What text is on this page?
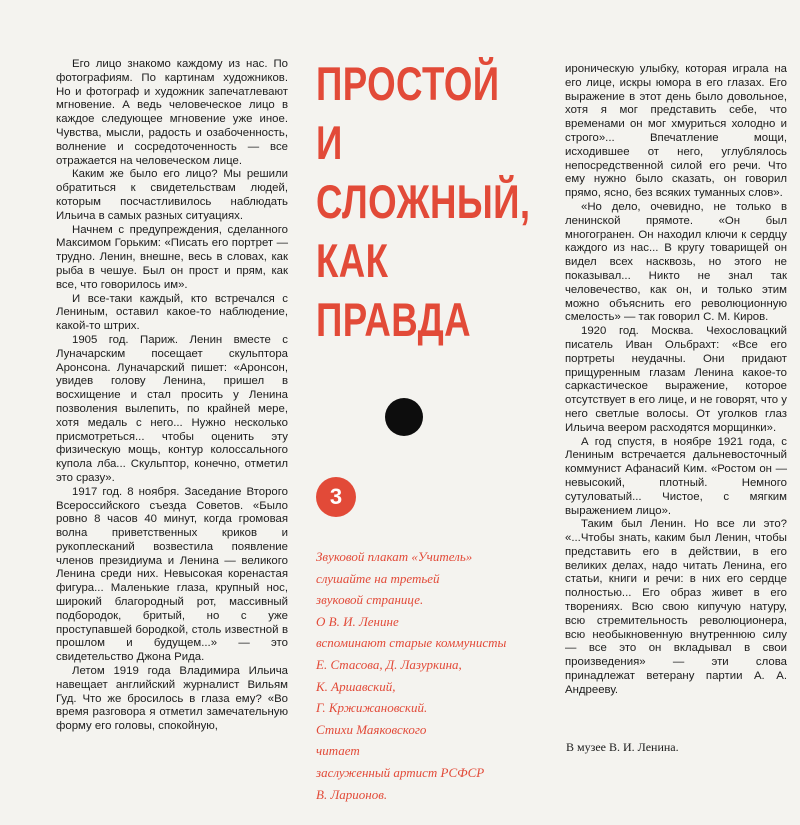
Его лицо знакомо каждому из нас. По фотографиям. По картинам художников. Но и фотограф и художник запечатлевают мгновение. А ведь человеческое лицо в каждое следующее мгновение уже иное. Чувства, мысли, радость и озабоченность, волнение и сосредоточенность — все отражается на человеческом лице.

Каким же было его лицо? Мы решили обратиться к свидетельствам людей, которым посчастливилось наблюдать Ильича в самых разных ситуациях.

Начнем с предупреждения, сделанного Максимом Горьким: «Писать его портрет — трудно. Ленин, внешне, весь в словах, как рыба в чешуе. Был он прост и прям, как все, что говорилось им».

И все-таки каждый, кто встречался с Лениным, оставил какое-то наблюдение, какой-то штрих.

1905 год. Париж. Ленин вместе с Луначарским посещает скульптора Аронсона. Луначарский пишет: «Аронсон, увидев голову Ленина, пришел в восхищение и стал просить у Ленина позволения вылепить, по крайней мере, хотя медаль с него... Нужно несколько присмотреться... чтобы оценить эту физическую мощь, контур колоссального купола лба... Скульптор, конечно, отметил это сразу».

1917 год. 8 ноября. Заседание Второго Всероссийского съезда Советов. «Было ровно 8 часов 40 минут, когда громовая волна приветственных криков и рукоплесканий возвестила появление членов президиума и Ленина — великого Ленина среди них. Невысокая коренастая фигура... Маленькие глаза, крупный нос, широкий благородный рот, массивный подбородок, бритый, но с уже проступавшей бородкой, столь известной в прошлом и будущем...» — это свидетельство Джона Рида.

Летом 1919 года Владимира Ильича навещает английский журналист Вильям Гуд. Что же бросилось в глаза ему? «Во время разговора я отметил замечательную форму его головы, спокойную,

ПРОСТОЙ
И
СЛОЖНЫЙ,
КАК
ПРАВДА
3

Звуковой плакат «Учитель»
слушайте на третьей
звуковой странице.
О В. И. Ленине
вспоминают старые коммунисты
Е. Стасова, Д. Лазуркина,
К. Аршавский,
Г. Кржижановский.
Стихи Маяковского
читает
заслуженный артист РСФСР
В. Ларионов.

ироническую улыбку, которая играла на его лице, искры юмора в его глазах. Его выражение в этот день было довольное, хотя я мог представить себе, что временами он мог хмуриться холодно и строго»... Впечатление мощи, исходившее от него, углублялось непосредственной силой его речи. Что ему нужно было сказать, он говорил прямо, ясно, без всяких туманных слов».

«Но дело, очевидно, не только в ленинской прямоте. «Он был многогранен. Он находил ключи к сердцу каждого из нас... В кругу товарищей он видел всех насквозь, но этого не показывал... Никто не знал так человечество, как он, и только этим можно объяснить его революционную смелость» — так говорил С. М. Киров.

1920 год. Москва. Чехословацкий писатель Иван Ольбрахт: «Все его портреты неудачны. Они придают прищуренным глазам Ленина какое-то саркастическое выражение, которое отсутствует в его лице, и не говорят, что у него светлые волосы. От уголков глаз Ильича веером расходятся морщинки».

А год спустя, в ноябре 1921 года, с Лениным встречается дальневосточный коммунист Афанасий Ким. «Ростом он — невысокий, плотный. Немного сутуловатый... Чистое, с мягким выражением лицо».

Таким был Ленин. Но все ли это? «...Чтобы знать, каким был Ленин, чтобы представить его в действии, в его великих делах, надо читать Ленина, его статьи, книги и речи: в них его сердце полностью... Его образ живет в его творениях. Всю свою кипучую натуру, всю стремительность революционера, всю необыкновенную внутреннюю силу — все это он вкладывал в свои произведения» — эти слова принадлежат ветерану партии А. А. Андрееву.

В музее В. И. Ленина.
